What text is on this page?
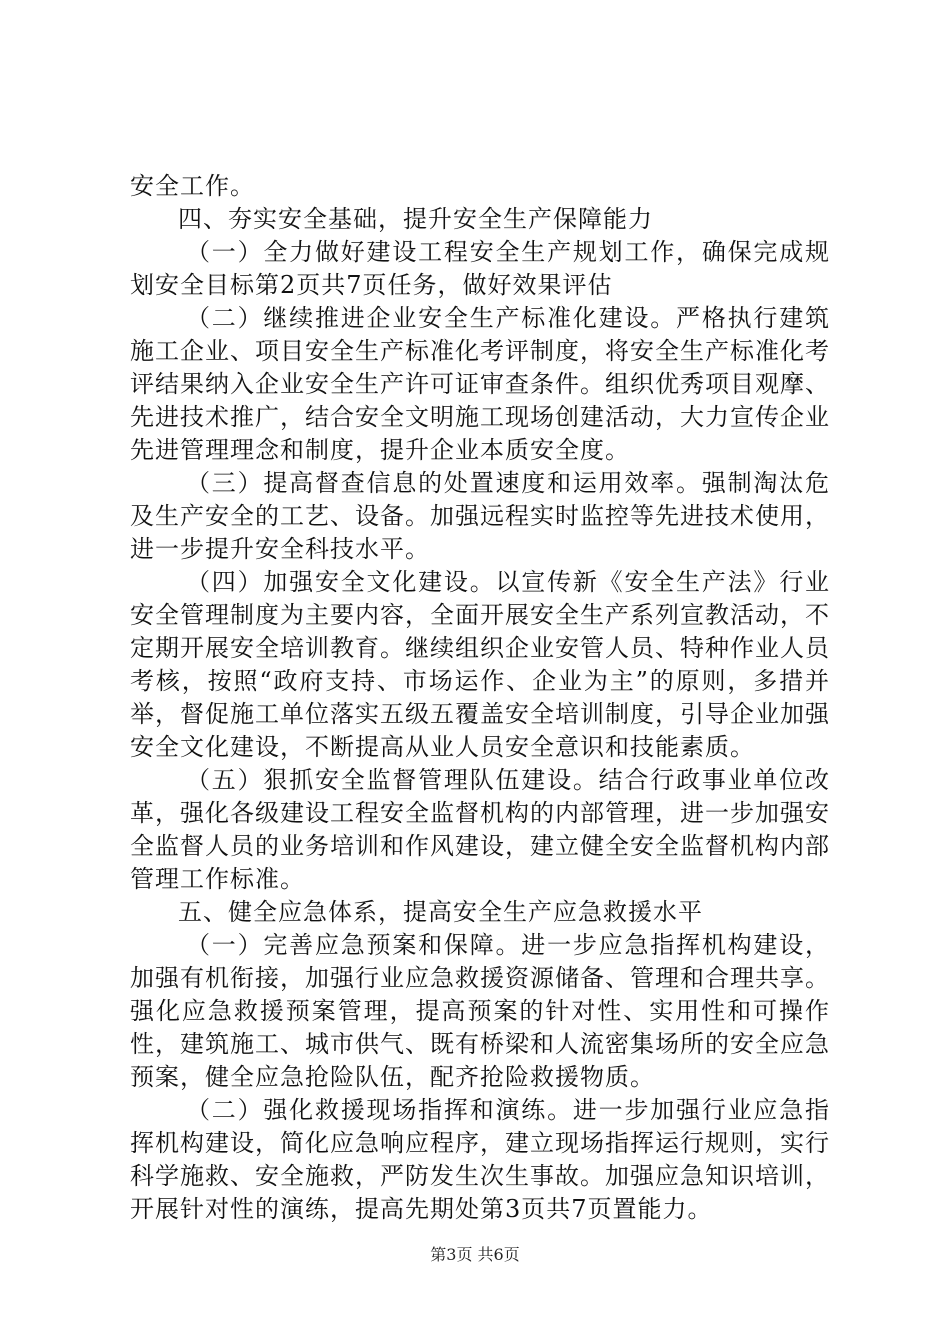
安全工作。

四、夯实安全基础，提升安全生产保障能力

（一）全力做好建设工程安全生产规划工作，确保完成规划安全目标第2页共7页任务，做好效果评估

（二）继续推进企业安全生产标准化建设。严格执行建筑施工企业、项目安全生产标准化考评制度，将安全生产标准化考评结果纳入企业安全生产许可证审查条件。组织优秀项目观摩、先进技术推广，结合安全文明施工现场创建活动，大力宣传企业先进管理理念和制度，提升企业本质安全度。

（三）提高督查信息的处置速度和运用效率。强制淘汰危及生产安全的工艺、设备。加强远程实时监控等先进技术使用，进一步提升安全科技水平。

（四）加强安全文化建设。以宣传新《安全生产法》行业安全管理制度为主要内容，全面开展安全生产系列宣教活动，不定期开展安全培训教育。继续组织企业安管人员、特种作业人员考核，按照“政府支持、市场运作、企业为主”的原则，多措并举，督促施工单位落实五级五覆盖安全培训制度，引导企业加强安全文化建设，不断提高从业人员安全意识和技能素质。

（五）狠抓安全监督管理队伍建设。结合行政事业单位改革，强化各级建设工程安全监督机构的内部管理，进一步加强安全监督人员的业务培训和作风建设，建立健全安全监督机构内部管理工作标准。

五、健全应急体系，提高安全生产应急救援水平

（一）完善应急预案和保障。进一步应急指挥机构建设，加强有机衔接，加强行业应急救援资源储备、管理和合理共享。强化应急救援预案管理，提高预案的针对性、实用性和可操作性，建筑施工、城市供气、既有桥梁和人流密集场所的安全应急预案，健全应急抢险队伍，配齐抢险救援物质。

（二）强化救援现场指挥和演练。进一步加强行业应急指挥机构建设，简化应急响应程序，建立现场指挥运行规则，实行科学施救、安全施救，严防发生次生事故。加强应急知识培训，开展针对性的演练，提高先期处第3页共7页置能力。

第3页 共6页
